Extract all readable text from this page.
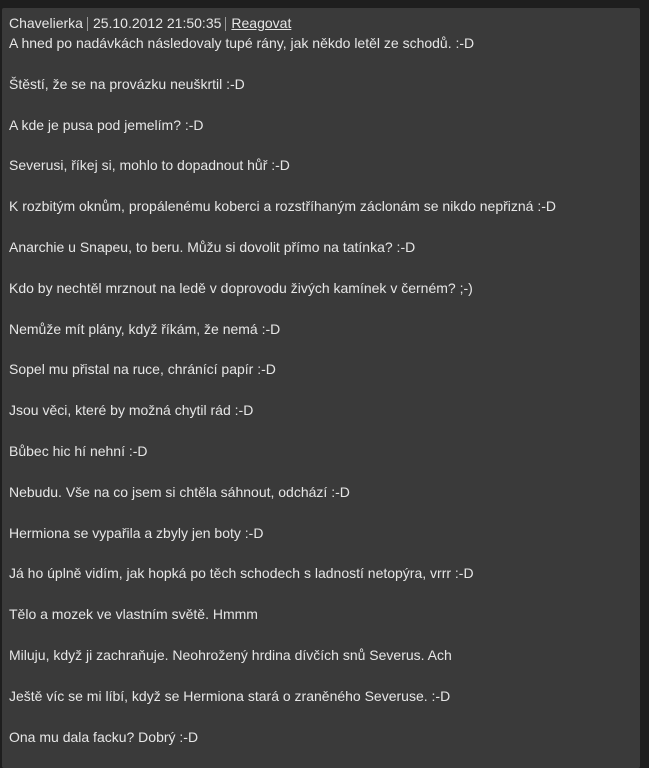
Chavelierka 25.10.2012 21:50:35 Reagovat

A hned po nadávkách následovaly tupé rány, jak někdo letěl ze schodů. :-D

Štěstí, že se na provázku neuškrtil :-D

A kde je pusa pod jemelím? :-D

Severusi, říkej si, mohlo to dopadnout hůř :-D

K rozbitým oknům, propálenému koberci a rozstříhaným záclonám se nikdo nepřizná :-D

Anarchie u Snapeu, to beru. Můžu si dovolit přímo na tatínka? :-D

Kdo by nechtěl mrznout na ledě v doprovodu živých kamínek v černém? ;-)

Nemůže mít plány, když říkám, že nemá :-D

Sopel mu přistal na ruce, chránící papír :-D

Jsou věci, které by možná chytil rád :-D

Bůbec hic hí nehní :-D

Nebudu. Vše na co jsem si chtěla sáhnout, odchází :-D

Hermiona se vypařila a zbyly jen boty :-D

Já ho úplně vidím, jak hopká po těch schodech s ladností netopýra, vrrr :-D

Tělo a mozek ve vlastním světě. Hmmm

Miluju, když ji zachraňuje. Neohrožený hrdina dívčích snů Severus. Ach

Ještě víc se mi líbí, když se Hermiona stará o zraněného Severuse. :-D

Ona mu dala facku? Dobrý :-D
